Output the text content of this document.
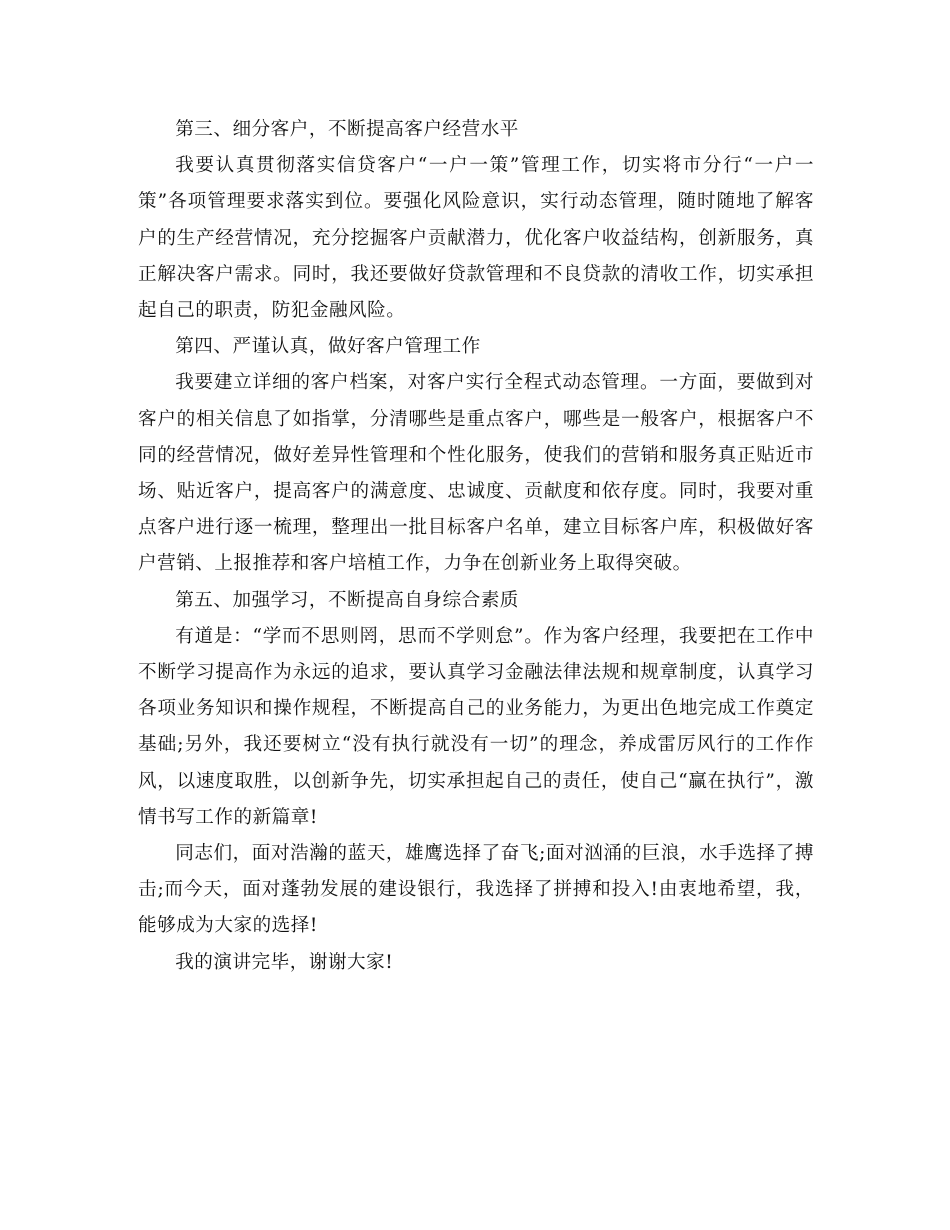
第三、细分客户，不断提高客户经营水平

我要认真贯彻落实信贷客户“一户一策”管理工作，切实将市分行“一户一策”各项管理要求落实到位。要强化风险意识，实行动态管理，随时随地了解客户的生产经营情况，充分挖掘客户贡献潜力，优化客户收益结构，创新服务，真正解决客户需求。同时，我还要做好贷款管理和不良贷款的清收工作，切实承担起自己的职责，防犯金融风险。

第四、严谨认真，做好客户管理工作

我要建立详细的客户档案，对客户实行全程式动态管理。一方面，要做到对客户的相关信息了如指掌，分清哪些是重点客户，哪些是一般客户，根据客户不同的经营情况，做好差异性管理和个性化服务，使我们的营销和服务真正贴近市场、贴近客户，提高客户的满意度、忠诚度、贡献度和依存度。同时，我要对重点客户进行逐一梳理，整理出一批目标客户名单，建立目标客户库，积极做好客户营销、上报推荐和客户培植工作，力争在创新业务上取得突破。

第五、加强学习，不断提高自身综合素质

有道是：“学而不思则罔，思而不学则怠”。作为客户经理，我要把在工作中不断学习提高作为永远的追求，要认真学习金融法律法规和规章制度，认真学习各项业务知识和操作规程，不断提高自己的业务能力，为更出色地完成工作奠定基础;另外，我还要树立“没有执行就没有一切”的理念，养成雷厉风行的工作作风，以速度取胜，以创新争先，切实承担起自己的责任，使自己“赢在执行”，激情书写工作的新篇章!

同志们，面对浩瀚的蓝天，雄鹰选择了奋飞;面对汹涌的巨浪，水手选择了搏击;而今天，面对蓬勃发展的建设银行，我选择了拼搏和投入!由衷地希望，我，能够成为大家的选择!

我的演讲完毕，谢谢大家!
